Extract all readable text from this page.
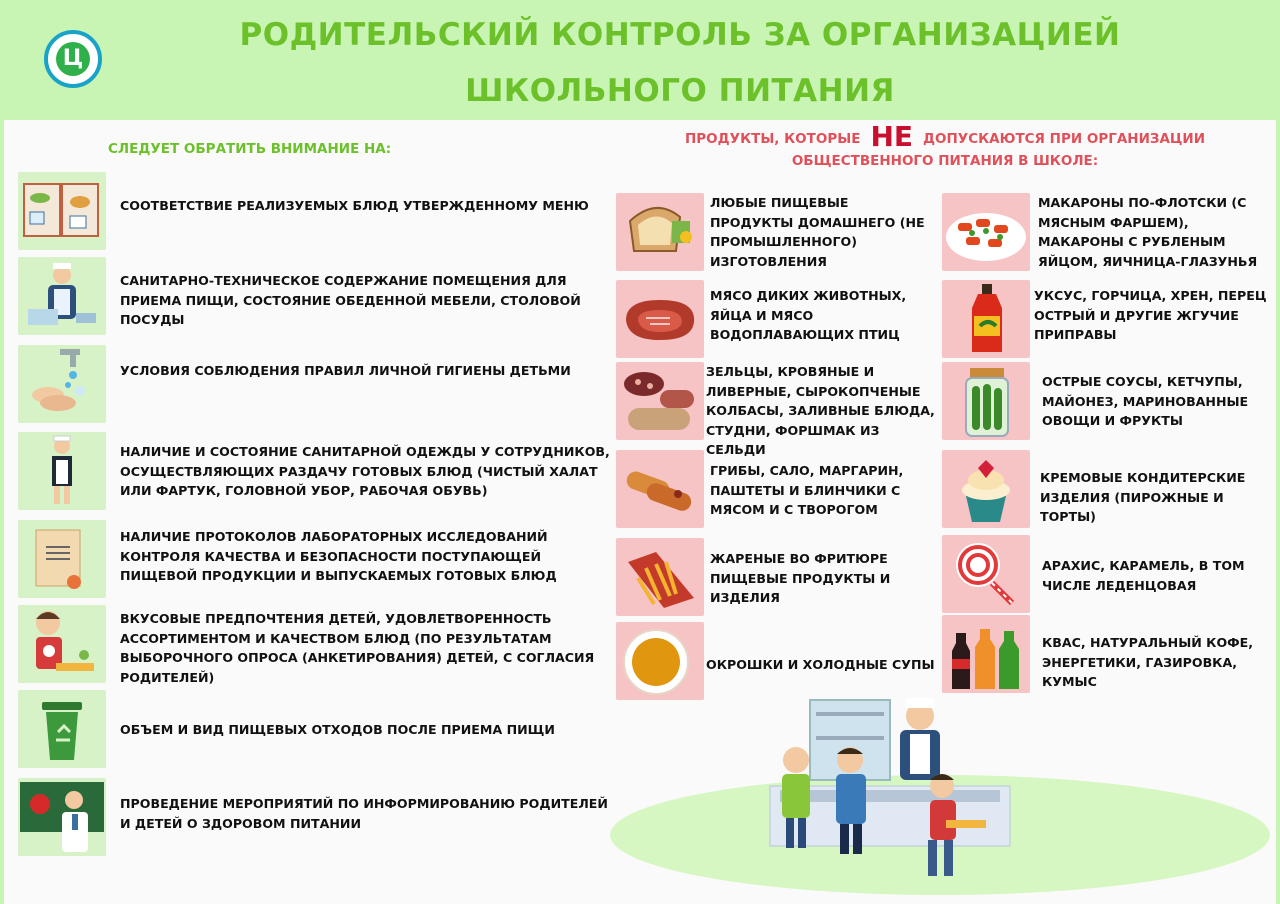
Ц
РОДИТЕЛЬСКИЙ КОНТРОЛЬ ЗА ОРГАНИЗАЦИЕЙ
ШКОЛЬНОГО ПИТАНИЯ
СЛЕДУЕТ ОБРАТИТЬ ВНИМАНИЕ НА:
ПРОДУКТЫ, КОТОРЫЕ НЕ ДОПУСКАЮТСЯ ПРИ ОРГАНИЗАЦИИ
ОБЩЕСТВЕННОГО ПИТАНИЯ В ШКОЛЕ:
СООТВЕТСТВИЕ РЕАЛИЗУЕМЫХ БЛЮД УТВЕРЖДЕННОМУ МЕНЮ
САНИТАРНО-ТЕХНИЧЕСКОЕ СОДЕРЖАНИЕ ПОМЕЩЕНИЯ ДЛЯ ПРИЕМА ПИЩИ, СОСТОЯНИЕ ОБЕДЕННОЙ МЕБЕЛИ, СТОЛОВОЙ ПОСУДЫ
УСЛОВИЯ СОБЛЮДЕНИЯ ПРАВИЛ ЛИЧНОЙ ГИГИЕНЫ ДЕТЬМИ
НАЛИЧИЕ И СОСТОЯНИЕ САНИТАРНОЙ ОДЕЖДЫ У СОТРУДНИКОВ, ОСУЩЕСТВЛЯЮЩИХ РАЗДАЧУ ГОТОВЫХ БЛЮД (ЧИСТЫЙ ХАЛАТ ИЛИ ФАРТУК, ГОЛОВНОЙ УБОР, РАБОЧАЯ ОБУВЬ)
НАЛИЧИЕ ПРОТОКОЛОВ ЛАБОРАТОРНЫХ ИССЛЕДОВАНИЙ КОНТРОЛЯ КАЧЕСТВА И БЕЗОПАСНОСТИ ПОСТУПАЮЩЕЙ ПИЩЕВОЙ ПРОДУКЦИИ И ВЫПУСКАЕМЫХ ГОТОВЫХ БЛЮД
ВКУСОВЫЕ ПРЕДПОЧТЕНИЯ ДЕТЕЙ, УДОВЛЕТВОРЕННОСТЬ АССОРТИМЕНТОМ И КАЧЕСТВОМ БЛЮД (ПО РЕЗУЛЬТАТАМ ВЫБОРОЧНОГО ОПРОСА (АНКЕТИРОВАНИЯ) ДЕТЕЙ, С СОГЛАСИЯ РОДИТЕЛЕЙ)
ОБЪЕМ И ВИД ПИЩЕВЫХ ОТХОДОВ ПОСЛЕ ПРИЕМА ПИЩИ
ПРОВЕДЕНИЕ МЕРОПРИЯТИЙ ПО ИНФОРМИРОВАНИЮ РОДИТЕЛЕЙ И ДЕТЕЙ О ЗДОРОВОМ ПИТАНИИ
ЛЮБЫЕ ПИЩЕВЫЕ ПРОДУКТЫ ДОМАШНЕГО (НЕ ПРОМЫШЛЕННОГО) ИЗГОТОВЛЕНИЯ
МЯСО ДИКИХ ЖИВОТНЫХ, ЯЙЦА И МЯСО ВОДОПЛАВАЮЩИХ ПТИЦ
ЗЕЛЬЦЫ, КРОВЯНЫЕ И ЛИВЕРНЫЕ, СЫРОКОПЧЕНЫЕ КОЛБАСЫ, ЗАЛИВНЫЕ БЛЮДА, СТУДНИ, ФОРШМАК ИЗ СЕЛЬДИ
ГРИБЫ, САЛО, МАРГАРИН, ПАШТЕТЫ И БЛИНЧИКИ С МЯСОМ И С ТВОРОГОМ
ЖАРЕНЫЕ ВО ФРИТЮРЕ ПИЩЕВЫЕ ПРОДУКТЫ И ИЗДЕЛИЯ
ОКРОШКИ И ХОЛОДНЫЕ СУПЫ
МАКАРОНЫ ПО-ФЛОТСКИ (С МЯСНЫМ ФАРШЕМ), МАКАРОНЫ С РУБЛЕНЫМ ЯЙЦОМ, ЯИЧНИЦА-ГЛАЗУНЬЯ
УКСУС, ГОРЧИЦА, ХРЕН, ПЕРЕЦ ОСТРЫЙ И ДРУГИЕ ЖГУЧИЕ ПРИПРАВЫ
ОСТРЫЕ СОУСЫ, КЕТЧУПЫ, МАЙОНЕЗ, МАРИНОВАННЫЕ ОВОЩИ И ФРУКТЫ
КРЕМОВЫЕ КОНДИТЕРСКИЕ ИЗДЕЛИЯ (ПИРОЖНЫЕ И ТОРТЫ)
АРАХИС, КАРАМЕЛЬ, В ТОМ ЧИСЛЕ ЛЕДЕНЦОВАЯ
КВАС, НАТУРАЛЬНЫЙ КОФЕ, ЭНЕРГЕТИКИ, ГАЗИРОВКА, КУМЫС
